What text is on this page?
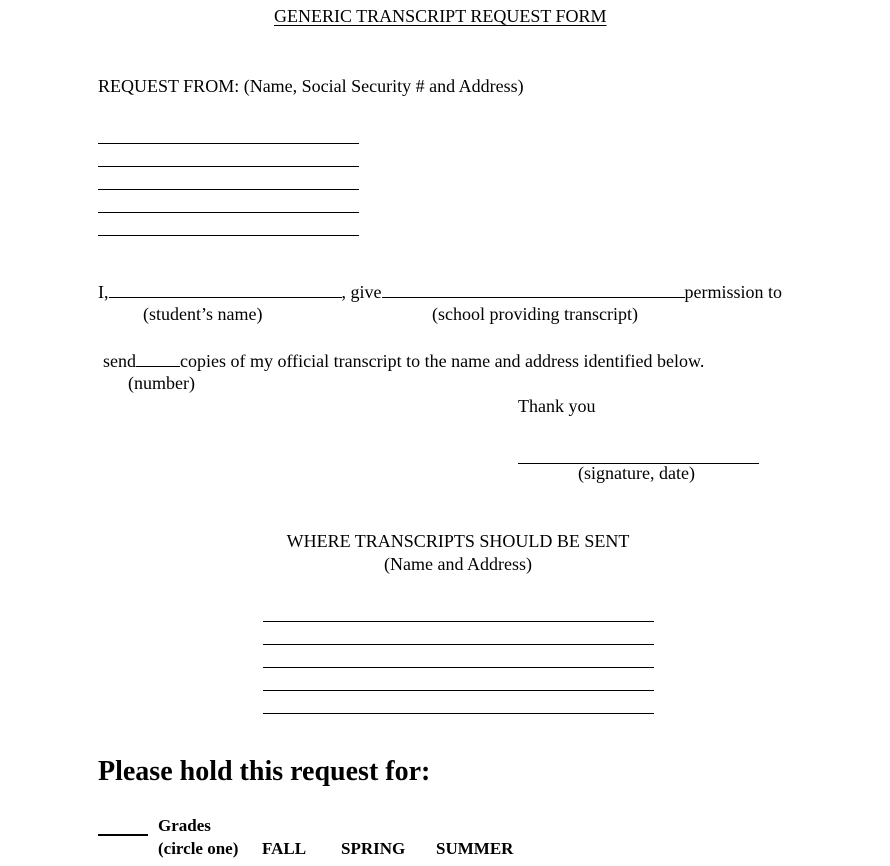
GENERIC TRANSCRIPT REQUEST FORM
REQUEST FROM: (Name, Social Security # and Address)
I,	, give	permission to
(student’s name)	(school providing transcript)
send copies of my official transcript to the name and address identified below.
(number)
Thank you
(signature, date)
WHERE TRANSCRIPTS SHOULD BE SENT
(Name and Address)
Please hold this request for:
Grades
(circle one) FALL SPRING SUMMER
